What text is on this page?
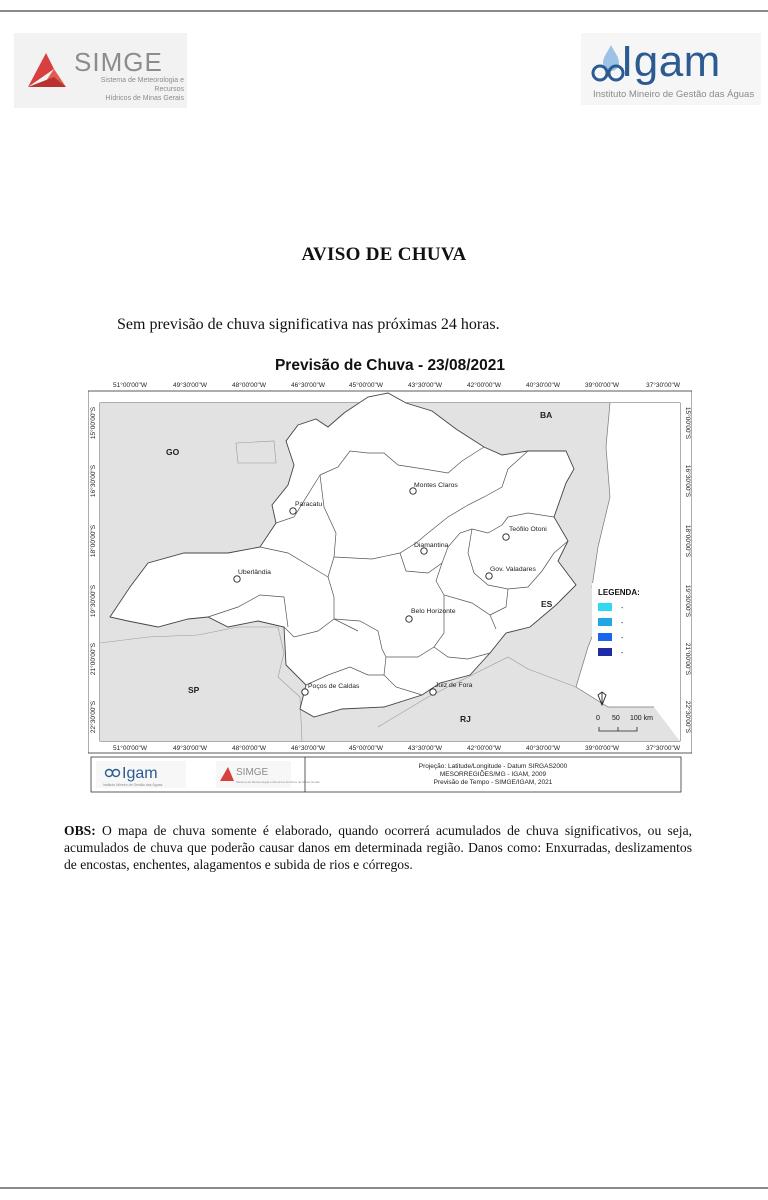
SIMGE
Sistema de Meteorologia e Recursos
Hídricos de Minas Gerais
Igam
Instituto Mineiro de Gestão das Águas
AVISO DE CHUVA
Sem previsão de chuva significativa nas próximas 24 horas.
Previsão de Chuva - 23/08/2021
51°00'00"W	49°30'00"W	48°00'00"W	46°30'00"W	45°00'00"W	43°30'00"W	42°00'00"W	40°30'00"W	39°00'00"W	37°30'00"W
51°00'00"W	49°30'00"W	48°00'00"W	46°30'00"W	45°00'00"W	43°30'00"W	42°00'00"W	40°30'00"W	39°00'00"W	37°30'00"W
15°00'00"S
16°30'00"S
18°00'00"S
19°30'00"S
21°00'00"S
22°30'00"S
15°00'00"S
16°30'00"S
18°00'00"S
19°30'00"S
21°00'00"S
22°30'00"S
GO
BA
ES
SP
RJ
Montes Claros
Paracatu
Teófilo Otoni
Diamantina
Gov. Valadares
Uberlândia
Belo Horizonte
Poços de Caldas	Juiz de Fora
LEGENDA:
-
-
-
-
0 50 100 km
Igam
Instituto Mineiro de Gestão das Águas
SIMGE
Sistema de Meteorologia e Recursos Hídricos de Minas Gerais
Projeção: Latitude/Longitude - Datum SIRGAS2000
MESORREGIÕES/MG - IGAM, 2009
Previsão de Tempo - SIMGE/IGAM, 2021
OBS: O mapa de chuva somente é elaborado, quando ocorrerá acumulados de chuva significativos, ou seja, acumulados de chuva que poderão causar danos em determinada região. Danos como: Enxurradas, deslizamentos de encostas, enchentes, alagamentos e subida de rios e córregos.
